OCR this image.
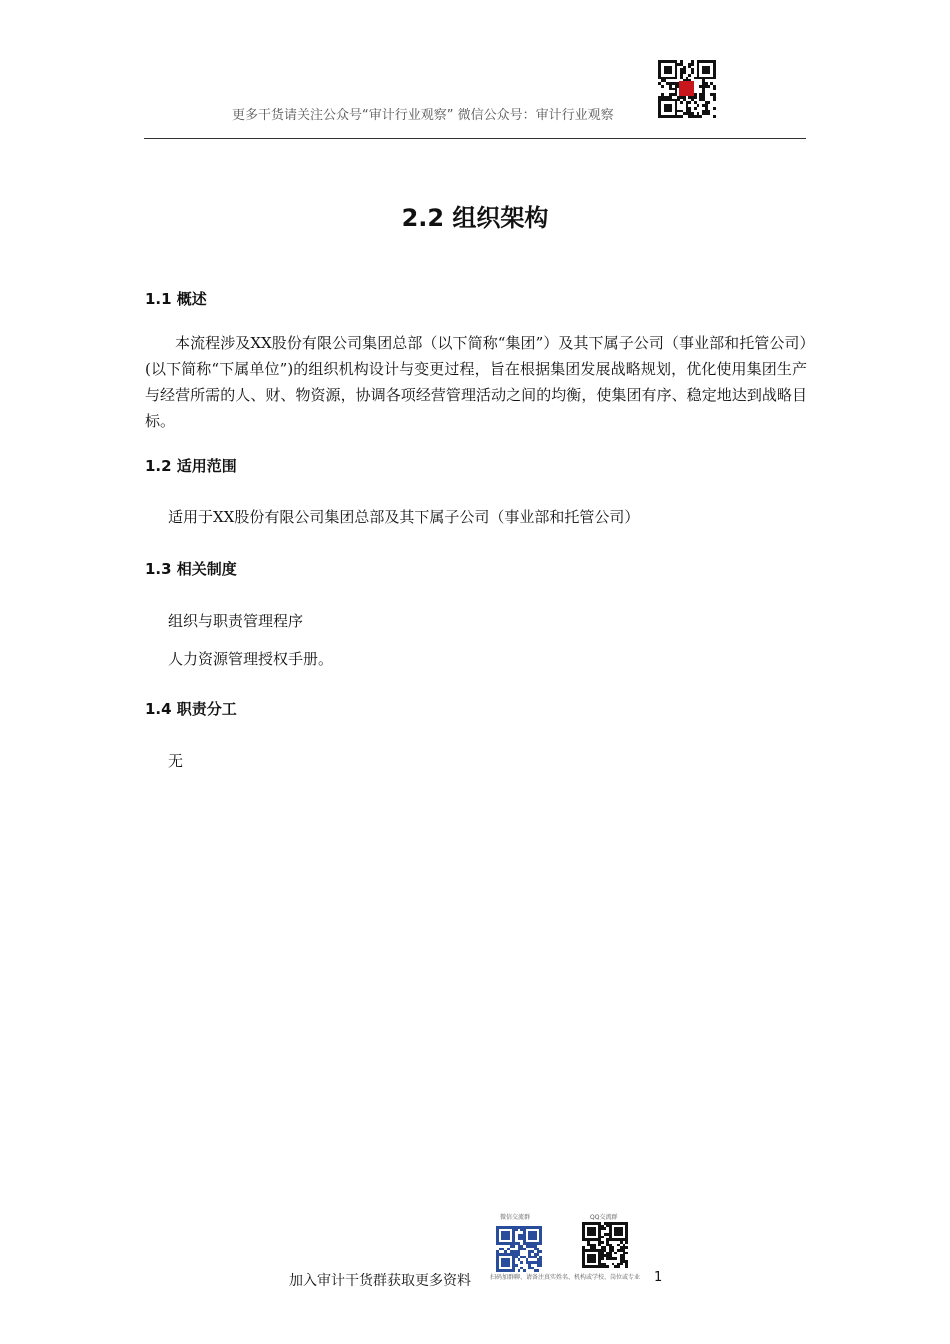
更多干货请关注公众号“审计行业观察” 微信公众号：审计行业观察
2.2 组织架构
1.1 概述
本流程涉及XX股份有限公司集团总部（以下简称“集团”）及其下属子公司（事业部和托管公司）(以下简称“下属单位”)的组织机构设计与变更过程，旨在根据集团发展战略规划，优化使用集团生产与经营所需的人、财、物资源，协调各项经营管理活动之间的均衡，使集团有序、稳定地达到战略目标。
1.2 适用范围
适用于XX股份有限公司集团总部及其下属子公司（事业部和托管公司）
1.3 相关制度
组织与职责管理程序
人力资源管理授权手册。
1.4 职责分工
无
微信交流群	QQ交流群
加入审计干货群获取更多资料	扫码加群聊、请备注真实姓名、机构或学校、岗位或专业 1
